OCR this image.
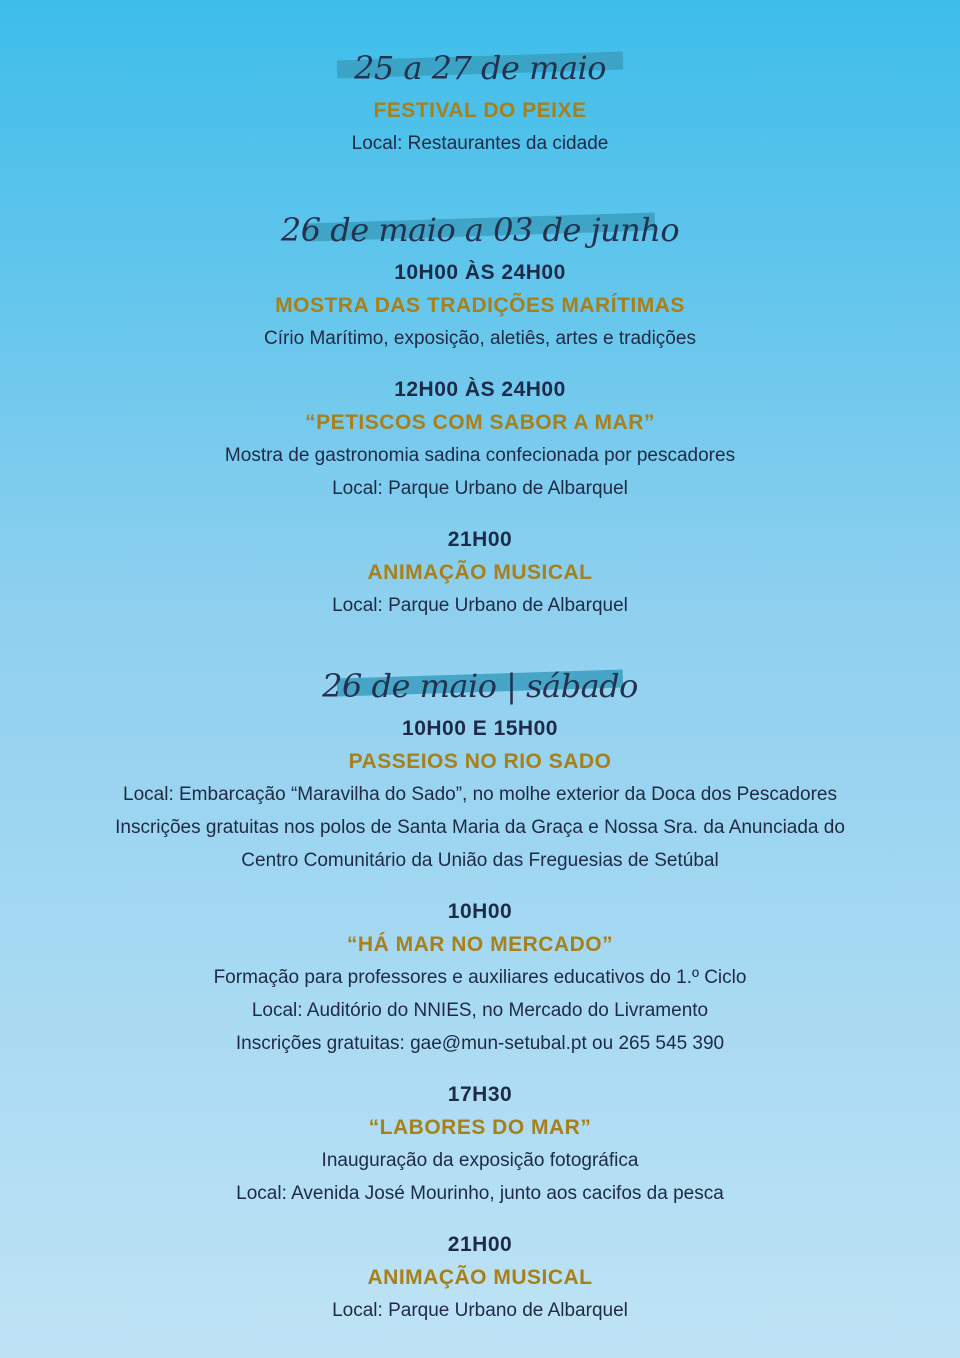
25 a 27 de maio
FESTIVAL DO PEIXE
Local: Restaurantes da cidade
26 de maio a 03 de junho
10H00 ÀS 24H00
MOSTRA DAS TRADIÇÕES MARÍTIMAS
Círio Marítimo, exposição, aletiês, artes e tradições
12H00 ÀS 24H00
“PETISCOS COM SABOR A MAR”
Mostra de gastronomia sadina confecionada por pescadores
Local: Parque Urbano de Albarquel
21H00
ANIMAÇÃO MUSICAL
Local: Parque Urbano de Albarquel
26 de maio | sábado
10H00 E 15H00
PASSEIOS NO RIO SADO
Local: Embarcação “Maravilha do Sado”, no molhe exterior da Doca dos Pescadores
Inscrições gratuitas nos polos de Santa Maria da Graça e Nossa Sra. da Anunciada do
Centro Comunitário da União das Freguesias de Setúbal
10H00
“HÁ MAR NO MERCADO”
Formação para professores e auxiliares educativos do 1.º Ciclo
Local: Auditório do NNIES, no Mercado do Livramento
Inscrições gratuitas: gae@mun-setubal.pt ou 265 545 390
17H30
“LABORES DO MAR”
Inauguração da exposição fotográfica
Local: Avenida José Mourinho, junto aos cacifos da pesca
21H00
ANIMAÇÃO MUSICAL
Local: Parque Urbano de Albarquel
